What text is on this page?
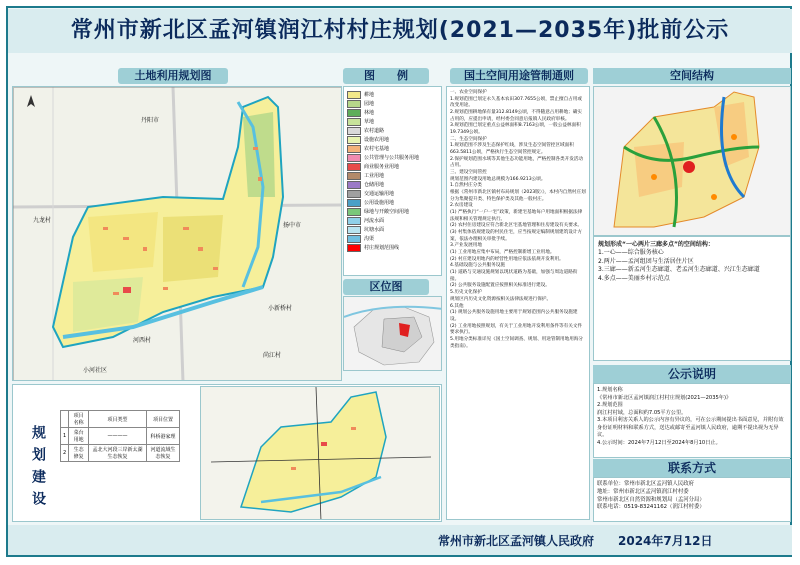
常州市新北区孟河镇润江村村庄规划(2021—2035年)批前公示
土地利用规划图
丹阳市
扬中市
九龙村
河西村
小河社区
尚江村
小新桥村
图　　例
耕地
园地
林地
草地
农村道路
设施农用地
农村宅基地
公共管理与公共服务用地
商业服务业用地
工业用地
仓储用地
交通运输用地
公用设施用地
绿地与开敞空间用地
河流水面
坑塘水面
沟渠
村庄规划范围线
区位图
国土空间用途管制通则
一、农业空间保护
1.规划范围已划定永久基本农田307.7655公顷，禁止擅自占用或改变用途。
2.规划范围耕地保有量312.8149公顷，不得随意占用耕地；确实占用的，应提出申请，经村委会同意后报镇人民政府审核。
3.规划范围已划定重点公益林面积8.7163公顷，一般公益林面积19.7349公顷。
二、生态空间保护
1.规划范围不涉及生态保护红线，涉及生态空间管控区域面积663.5811公顷，严格执行生态空间管控规定。
2.保护规划范围水域等其他生态功能用地，严格控制各类开发活动占用。
三、建设空间管控
规划范围内建设用地总规模为166.9213公顷。
1.自然村庄分类
根据《常州市新北区镇村布局规划（2023版）》，本村内自然村庄划分为集聚提升类、特色保护类及其他一般村庄。
2.农房建设
(1) 严格执行“一户一宅”政策，新建宅基地每户用地面积根据法律法规和相关管理规定执行。
(2) 农村住房建设应符合新北区宅基地管理和住房建设有关要求。
(3) 村集体依规建设的村民住宅，应当按规定编制规划建筑设计方案，依法办理相关审批手续。
3.产业发展用地
(1) 工业用地应集中布局，严格控制新增工业用地。
(2) 村庄建设用地内的经营性用地应依法依规开发利用。
4.基础设施与公共服务设施
(1) 道路与交通设施规划以现状道路为基础，加强与周边道路衔接。
(2) 公共服务设施配置应按照相关标准进行建设。
5.历史文化保护
规划区内历史文化资源按相关法律法规进行保护。
6.其他
(1) 规划公共服务设施用地主要用于规划范围内公共服务设施建设。
(2) 工业用地按照规划，有关于工业用地开发利用条件等有关文件要求执行。
5.用地分类标准详见《国土空间调查、规划、用途管制用地用海分类指南》。
空间结构
规划形成“一心两片三廊多点”的空间结构：
1.一心——综合服务核心
2.两片——孟河组团与生活居住片区
3.三廊——新孟河生态廊道、老孟河生态廊道、兴江生态廊道
4.多点——美丽乡村示范点
公示说明
1.规划名称
《常州市新北区孟河镇润江村村庄规划(2021—2035年)》
2.规划范围
润江村村域，总面积约7.05平方公里。
3.本项目利害关系人的公示内容有异议的，可在公示期间提出书面意见，并附有效身份证明材料和联系方式，送达或邮寄至孟河镇人民政府，逾期不提出视为无异议。
4.公示时间：2024年7月12日至2024年8月10日止。
联系方式
联系单位：常州市新北区孟河镇人民政府
地址：常州市新北区孟河镇润江村村委
常州市新北区自然资源和规划局（孟河分局）
联系电话：0519-83241162（润江村村委）
规划建设
	项目名称	项目类型	项目位置
1	菜台用地	————	科桥港家理
2	生态修复	孟北大河段三岸新太湖生态恢复	河道流域生态恢复
常州市新北区孟河镇人民政府 2024年7月12日
